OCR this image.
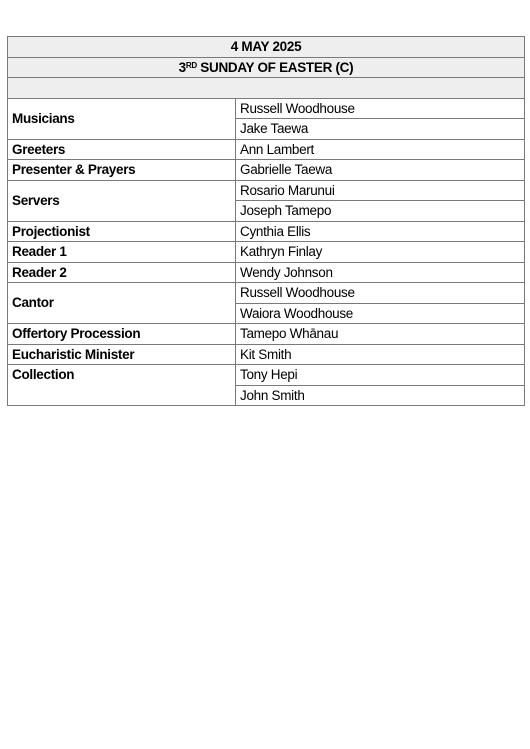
4 MAY 2025	
3RD SUNDAY OF EASTER (C)	

Musicians	Russell Woodhouse
	Jake Taewa
Greeters	Ann Lambert
Presenter & Prayers	Gabrielle Taewa
Servers	Rosario Marunui
	Joseph Tamepo
Projectionist	Cynthia Ellis
Reader 1	Kathryn Finlay
Reader 2	Wendy Johnson
Cantor	Russell Woodhouse
	Waiora Woodhouse
Offertory Procession	Tamepo Whānau
Eucharistic Minister	Kit Smith
Collection	Tony Hepi
	John Smith
